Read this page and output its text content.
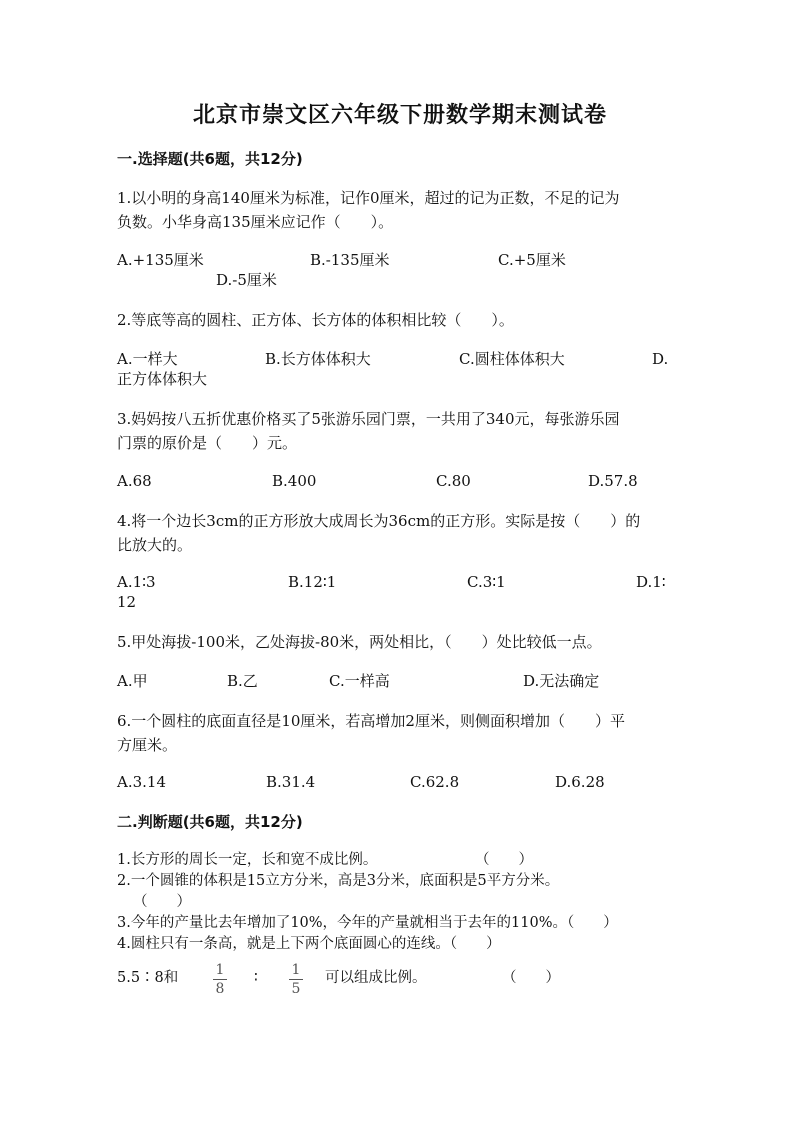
北京市崇文区六年级下册数学期末测试卷
一.选择题(共6题，共12分)
1.以小明的身高140厘米为标准，记作0厘米，超过的记为正数，不足的记为
负数。小华身高135厘米应记作（　　）。
A.+135厘米	B.-135厘米	C.+5厘米
D.-5厘米
2.等底等高的圆柱、正方体、长方体的体积相比较（　　）。
A.一样大	B.长方体体积大	C.圆柱体体积大	D.
正方体体积大
3.妈妈按八五折优惠价格买了5张游乐园门票，一共用了340元，每张游乐园
门票的原价是（　　）元。
A.68	B.400	C.80	D.57.8
4.将一个边长3cm的正方形放大成周长为36cm的正方形。实际是按（　　）的
比放大的。
A.1∶3	B.12∶1	C.3∶1	D.1∶
12
5.甲处海拔-100米，乙处海拔-80米，两处相比，（　　）处比较低一点。
A.甲	B.乙	C.一样高	D.无法确定
6.一个圆柱的底面直径是10厘米，若高增加2厘米，则侧面积增加（　　）平
方厘米。
A.3.14	B.31.4	C.62.8	D.6.28
二.判断题(共6题，共12分)
1.长方形的周长一定，长和宽不成比例。	（　　）
2.一个圆锥的体积是15立方分米，高是3分米，底面积是5平方分米。
（　　）
3.今年的产量比去年增加了10%，今年的产量就相当于去年的110%。（　　）
4.圆柱只有一条高，就是上下两个底面圆心的连线。（　　）
5.5∶8和	1
8
∶ 1
5
可以组成比例。	（　　）
